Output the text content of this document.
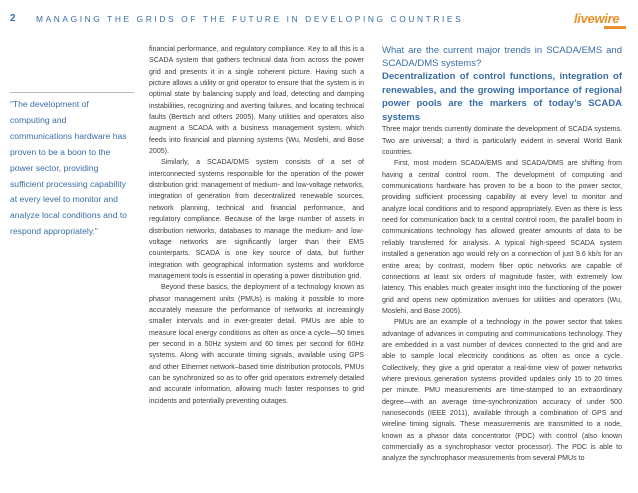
2 MANAGING THE GRIDS OF THE FUTURE IN DEVELOPING COUNTRIES	livewire

“The development of computing and communications hardware has proven to be a boon to the power sector, providing sufficient processing capability at every level to monitor and analyze local conditions and to respond appropriately.”

financial performance, and regulatory compliance. Key to all this is a SCADA system that gathers technical data from across the power grid and presents it in a single coherent picture. Having such a picture allows a utility or grid operator to ensure that the system is in optimal state by balancing supply and load, detecting and damping instabilities, recognizing and averting failures, and locating technical faults (Bertsch and others 2005). Many utilities and operators also augment a SCADA with a business management system, which feeds into financial and planning systems (Wu, Moslehi, and Bose 2005).

Similarly, a SCADA/DMS system consists of a set of interconnected systems responsible for the operation of the power distribution grid: management of medium- and low-voltage networks, integration of generation from decentralized renewable sources, network planning, technical and financial performance, and regulatory compliance. Because of the large number of assets in distribution networks, databases to manage the medium- and low-voltage networks are significantly larger than their EMS counterparts. SCADA is one key source of data, but further integration with geographical information systems and workforce management tools is essential in operating a power distribution grid.

Beyond these basics, the deployment of a technology known as phasor management units (PMUs) is making it possible to more accurately measure the performance of networks at increasingly smaller intervals and in ever-greater detail. PMUs are able to measure local energy conditions as often as once a cycle—50 times per second in a 50Hz system and 60 times per second for 60Hz systems. Along with accurate timing signals, available using GPS and other Ethernet network–based time distribution protocols, PMUs can be synchronized so as to offer grid operators extremely detailed and accurate information, allowing much faster responses to grid incidents and potentially preventing outages.

What are the current major trends in SCADA/EMS and SCADA/DMS systems?

Decentralization of control functions, integration of renewables, and the growing importance of regional power pools are the markers of today’s SCADA systems

Three major trends currently dominate the development of SCADA systems. Two are universal; a third is particularly evident in several World Bank countries.

First, most modern SCADA/EMS and SCADA/DMS are shifting from having a central control room. The development of computing and communications hardware has proven to be a boon to the power sector, providing sufficient processing capability at every level to monitor and analyze local conditions and to respond appropriately. Even as there is less need for communication back to a central control room, the parallel boom in communications technology has allowed greater amounts of data to be reliably transferred for analysis. A typical high-speed SCADA system installed a generation ago would rely on a connection of just 9.6 kb/s for an entire area; by contrast, modern fiber optic networks are capable of connections at least six orders of magnitude faster, with extremely low latency. This enables much greater insight into the functioning of the power grid and opens new optimization avenues for utilities and operators (Wu, Moslehi, and Bose 2005).

PMUs are an example of a technology in the power sector that takes advantage of advances in computing and communications technology. They are embedded in a vast number of devices connected to the grid and are able to sample local electricity conditions as often as once a cycle. Collectively, they give a grid operator a real-time view of power networks where previous generation systems provided updates only 15 to 20 times per minute. PMU measurements are time-stamped to an extraordinary degree—with an average time-synchronization accuracy of under 500 nanoseconds (IEEE 2011), available through a combination of GPS and wireline timing signals. These measurements are transmitted to a node, known as a phasor data concentrator (PDC) with control (also known commercially as a synchrophasor vector processor). The PDC is able to analyze the synchrophasor measurements from several PMUs to
